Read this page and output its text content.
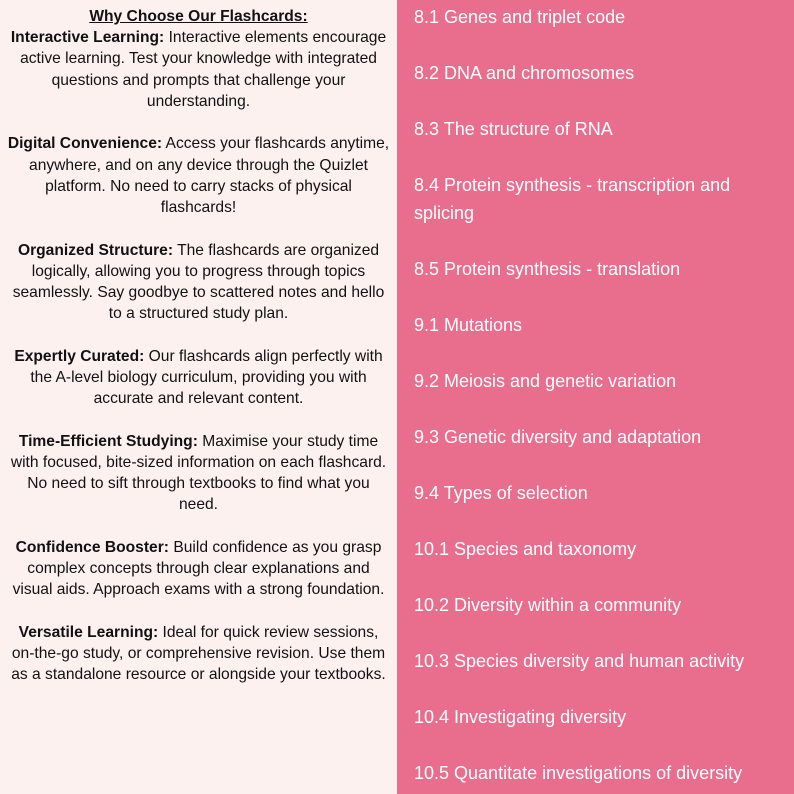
Why Choose Our Flashcards:

Interactive Learning: Interactive elements encourage active learning. Test your knowledge with integrated questions and prompts that challenge your understanding.

Digital Convenience: Access your flashcards anytime, anywhere, and on any device through the Quizlet platform. No need to carry stacks of physical flashcards!

Organized Structure: The flashcards are organized logically, allowing you to progress through topics seamlessly. Say goodbye to scattered notes and hello to a structured study plan.

Expertly Curated: Our flashcards align perfectly with the A-level biology curriculum, providing you with accurate and relevant content.

Time-Efficient Studying: Maximise your study time with focused, bite-sized information on each flashcard. No need to sift through textbooks to find what you need.

Confidence Booster: Build confidence as you grasp complex concepts through clear explanations and visual aids. Approach exams with a strong foundation.

Versatile Learning: Ideal for quick review sessions, on-the-go study, or comprehensive revision. Use them as a standalone resource or alongside your textbooks.

8.1 Genes and triplet code
8.2 DNA and chromosomes
8.3 The structure of RNA
8.4 Protein synthesis - transcription and splicing
8.5 Protein synthesis - translation
9.1 Mutations
9.2 Meiosis and genetic variation
9.3 Genetic diversity and adaptation
9.4 Types of selection
10.1 Species and taxonomy
10.2 Diversity within a community
10.3 Species diversity and human activity
10.4 Investigating diversity
10.5 Quantitate investigations of diversity
